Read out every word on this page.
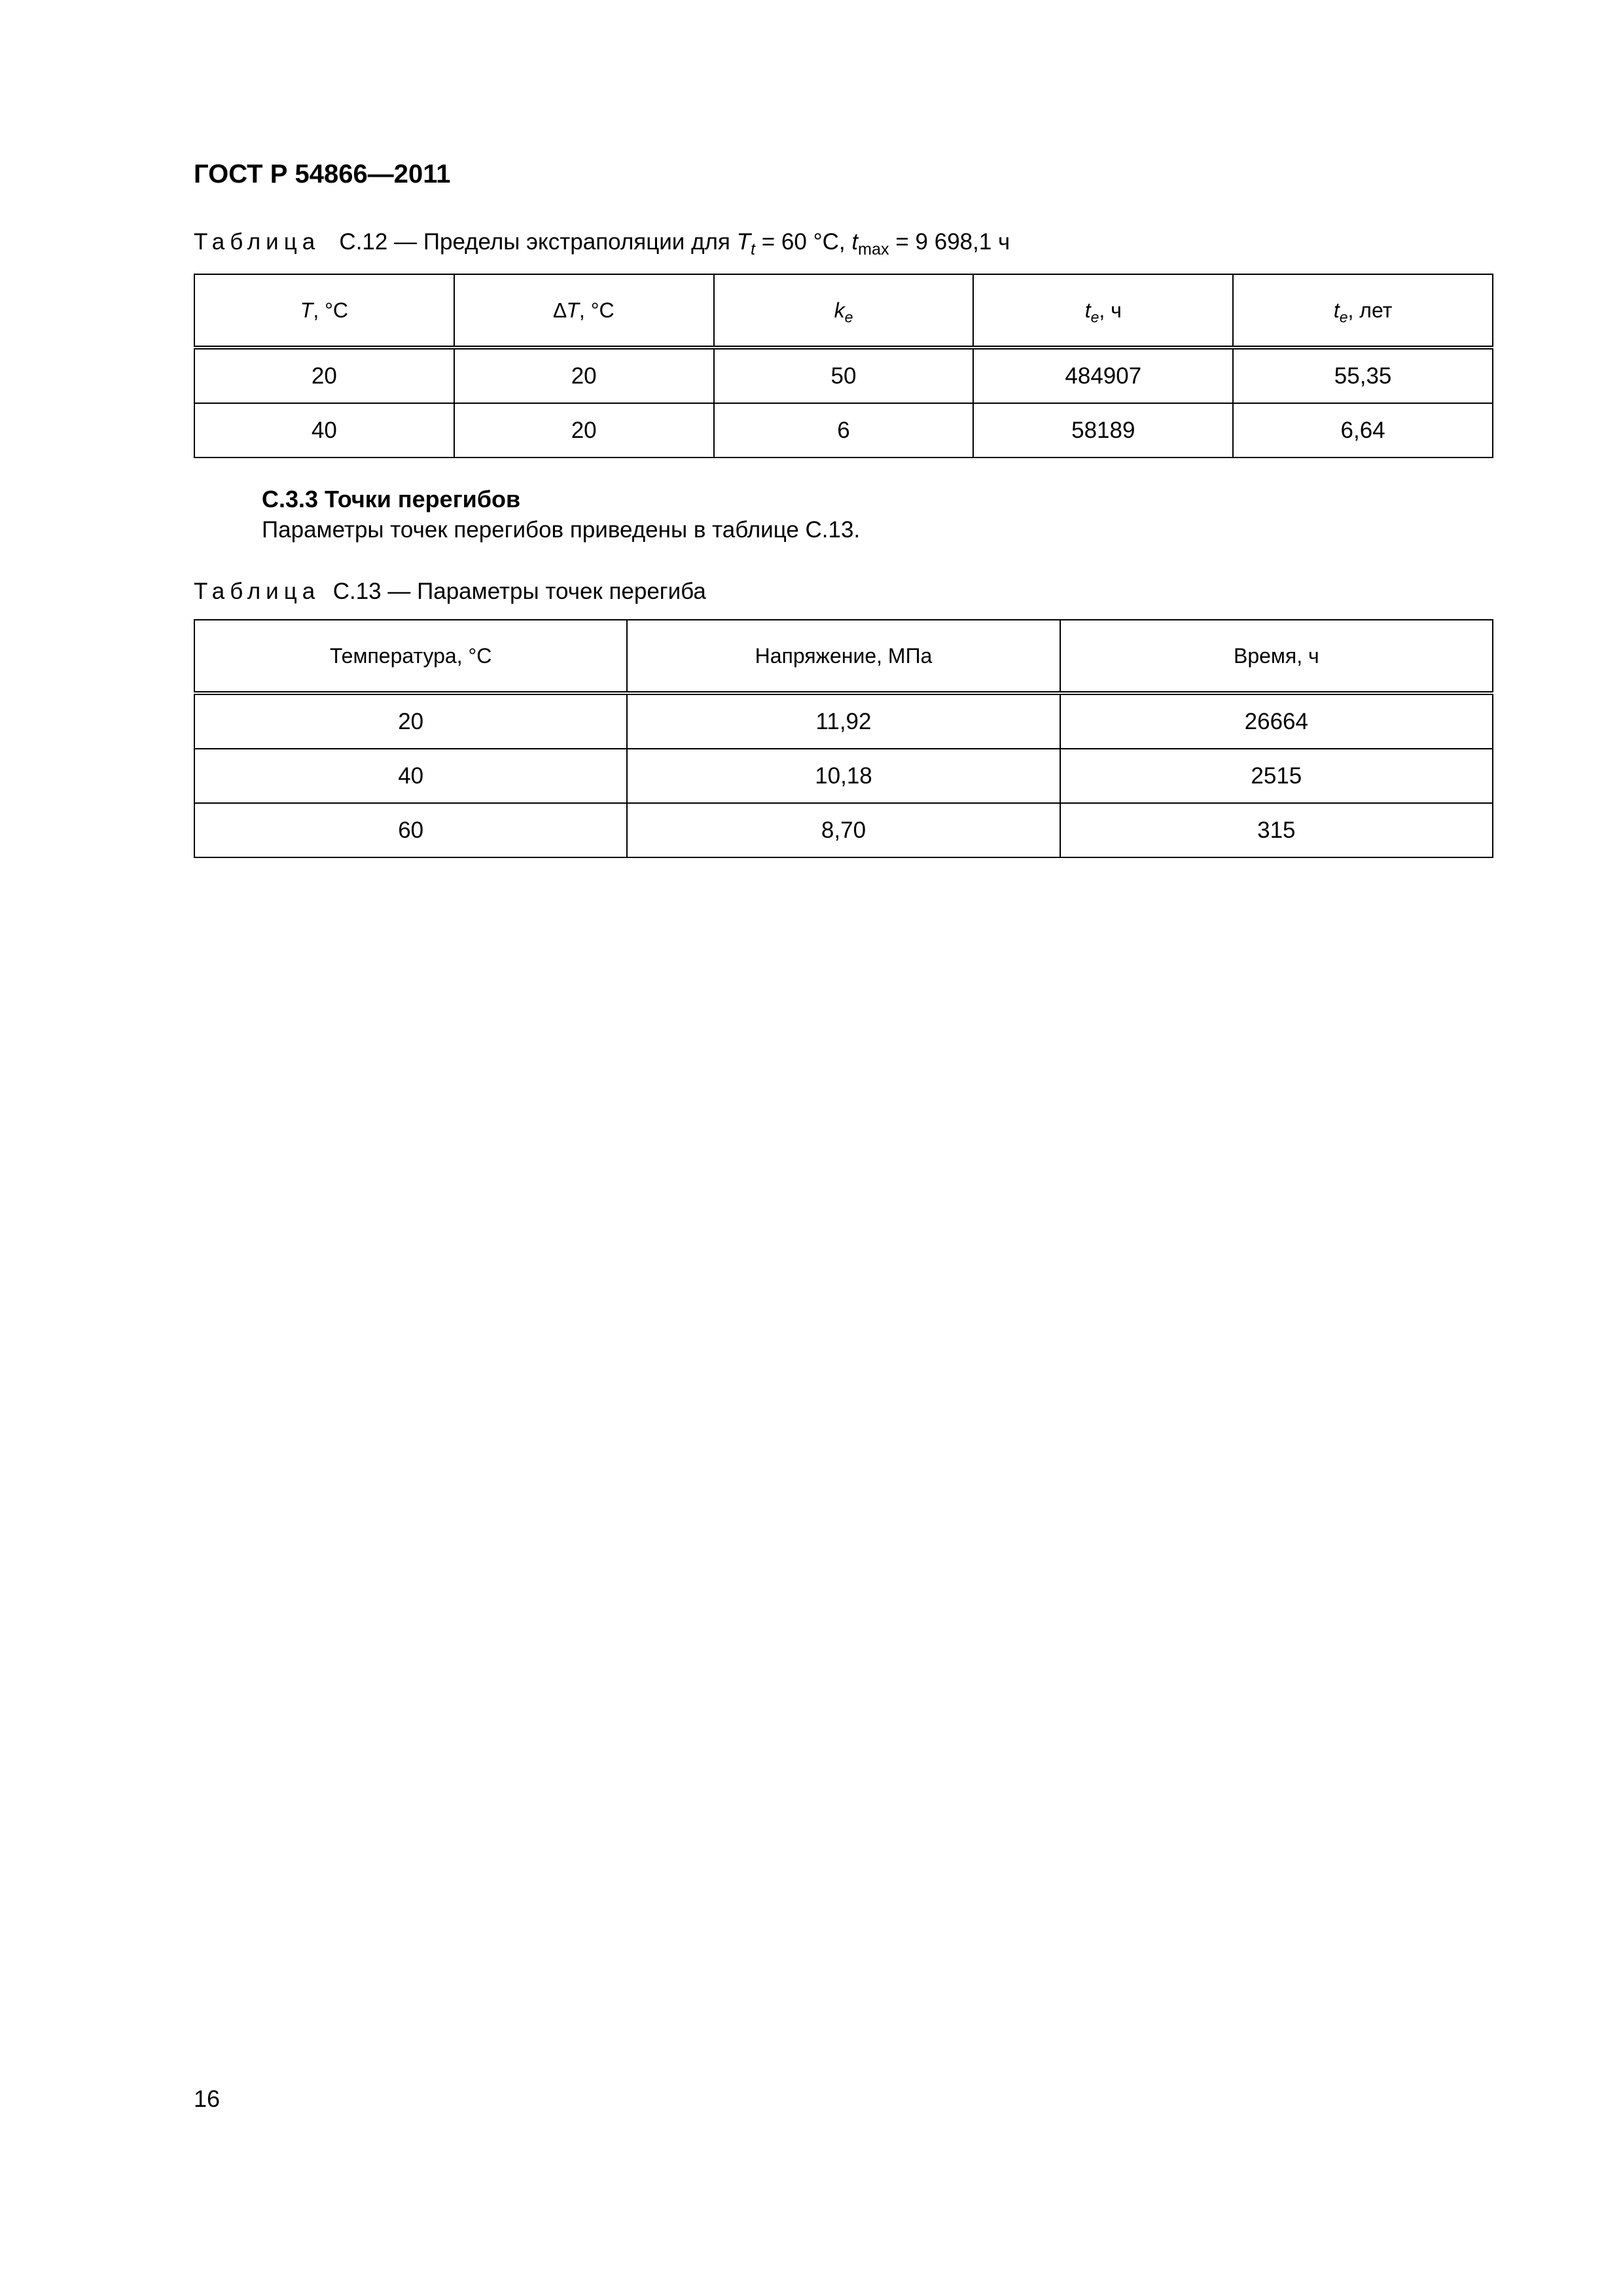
ГОСТ Р 54866—2011
Таблица С.12 — Пределы экстраполяции для $T_t = 60$ °С, $t_{max} = 9$ 698,1 ч
T, °С	∆T, °С	$k_e$	$t_e$, ч	$t_e$, лет
20	20	50	484907	55,35
40	20	6	58189	6,64
С.3.3 Точки перегибов
Параметры точек перегибов приведены в таблице С.13.
Таблица С.13 — Параметры точек перегиба
Температура, °С	Напряжение, МПа	Время, ч
20	11,92	26664
40	10,18	2515
60	8,70	315
16
